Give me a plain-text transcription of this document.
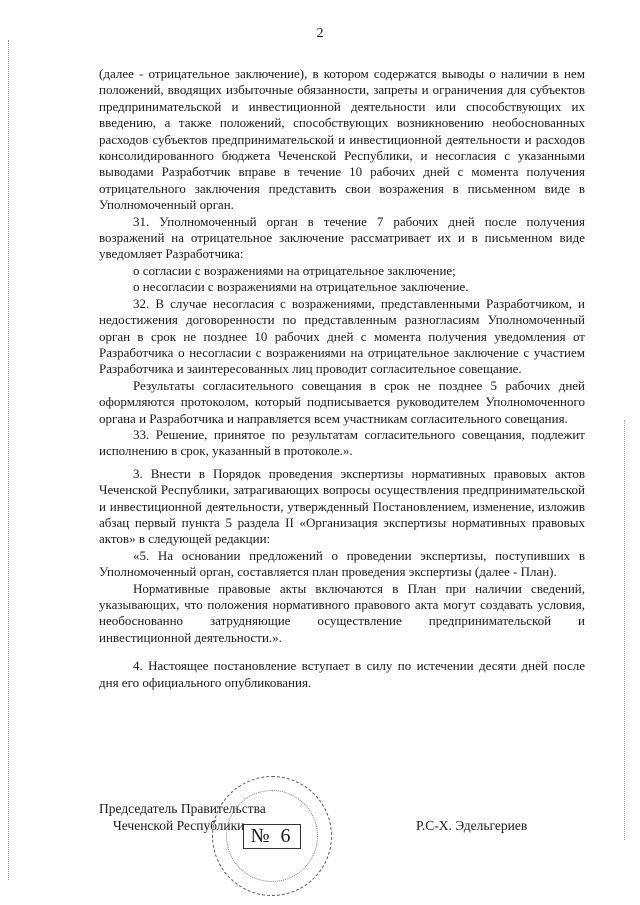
2

(далее - отрицательное заключение), в котором содержатся выводы о наличии в нем положений, вводящих избыточные обязанности, запреты и ограничения для субъектов предпринимательской и инвестиционной деятельности или способствующих их введению, а также положений, способствующих возникновению необоснованных расходов субъектов предпринимательской и инвестиционной деятельности и расходов консолидированного бюджета Чеченской Республики, и несогласия с указанными выводами Разработчик вправе в течение 10 рабочих дней с момента получения отрицательного заключения представить свои возражения в письменном виде в Уполномоченный орган.

31. Уполномоченный орган в течение 7 рабочих дней после получения возражений на отрицательное заключение рассматривает их и в письменном виде уведомляет Разработчика:

о согласии с возражениями на отрицательное заключение;

о несогласии с возражениями на отрицательное заключение.

32. В случае несогласия с возражениями, представленными Разработчиком, и недостижения договоренности по представленным разногласиям Уполномоченный орган в срок не позднее 10 рабочих дней с момента получения уведомления от Разработчика о несогласии с возражениями на отрицательное заключение с участием Разработчика и заинтересованных лиц проводит согласительное совещание.

Результаты согласительного совещания в срок не позднее 5 рабочих дней оформляются протоколом, который подписывается руководителем Уполномоченного органа и Разработчика и направляется всем участникам согласительного совещания.

33. Решение, принятое по результатам согласительного совещания, подлежит исполнению в срок, указанный в протоколе.».

3. Внести в Порядок проведения экспертизы нормативных правовых актов Чеченской Республики, затрагивающих вопросы осуществления предпринимательской и инвестиционной деятельности, утвержденный Постановлением, изменение, изложив абзац первый пункта 5 раздела II «Организация экспертизы нормативных правовых актов» в следующей редакции:

«5. На основании предложений о проведении экспертизы, поступивших в Уполномоченный орган, составляется план проведения экспертизы (далее - План).

Нормативные правовые акты включаются в План при наличии сведений, указывающих, что положения нормативного правового акта могут создавать условия, необоснованно затрудняющие осуществление предпринимательской и инвестиционной деятельности.».

4. Настоящее постановление вступает в силу по истечении десяти дней после дня его официального опубликования.

№ 6
Председатель Правительства
Чеченской Республики	Р.С-Х. Эдельгериев
